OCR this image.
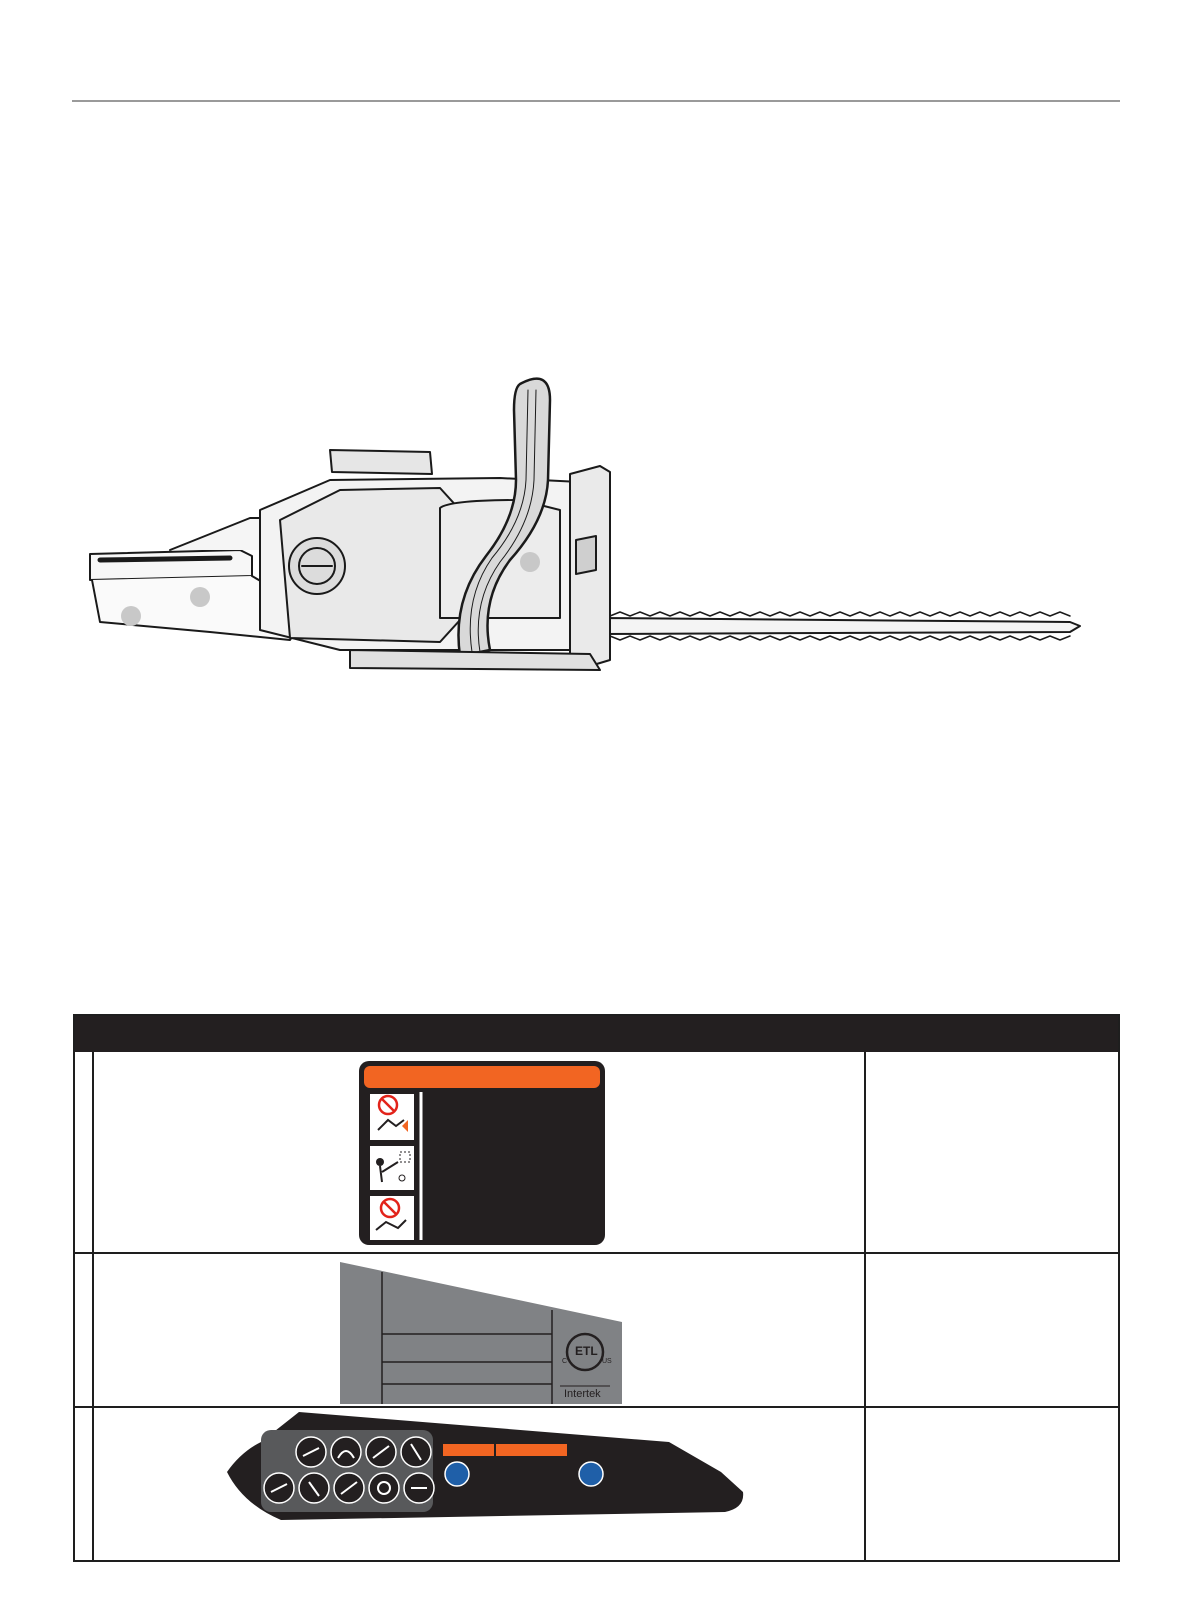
ETL
C	US
Intertek
